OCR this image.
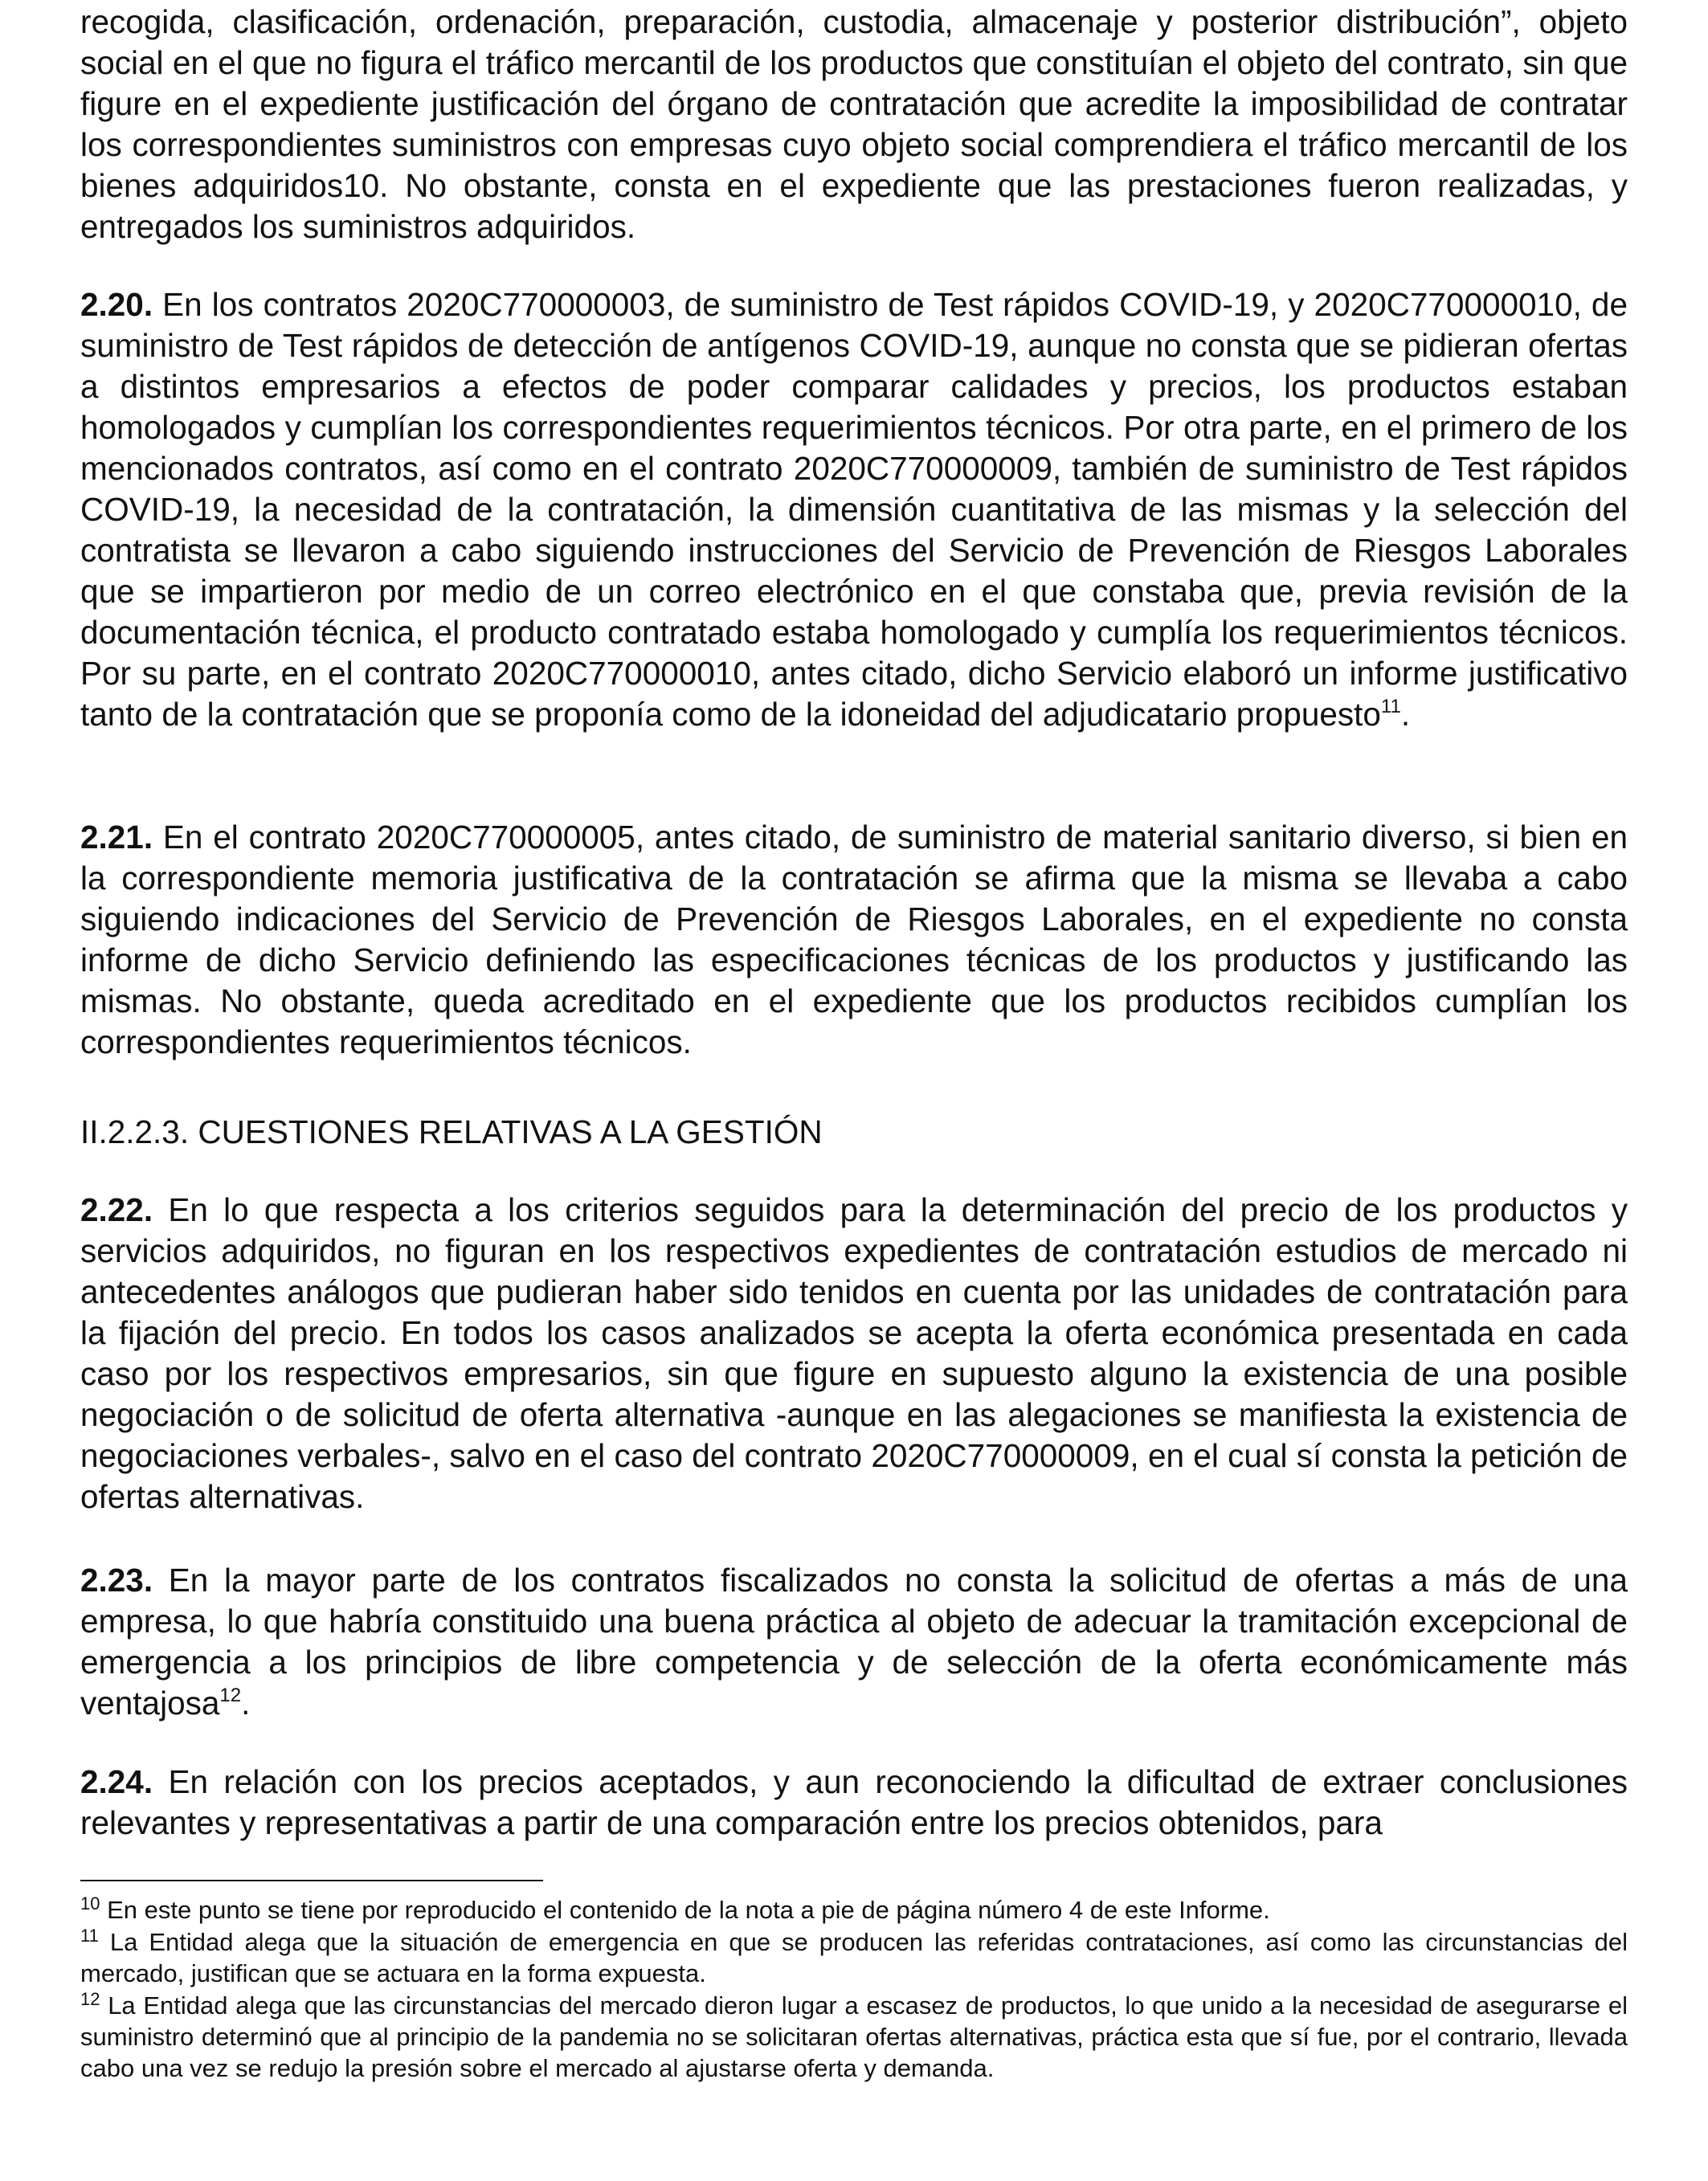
recogida, clasificación, ordenación, preparación, custodia, almacenaje y posterior distribución”, objeto social en el que no figura el tráfico mercantil de los productos que constituían el objeto del contrato, sin que figure en el expediente justificación del órgano de contratación que acredite la imposibilidad de contratar los correspondientes suministros con empresas cuyo objeto social comprendiera el tráfico mercantil de los bienes adquiridos10. No obstante, consta en el expediente que las prestaciones fueron realizadas, y entregados los suministros adquiridos.

2.20. En los contratos 2020C770000003, de suministro de Test rápidos COVID-19, y 2020C770000010, de suministro de Test rápidos de detección de antígenos COVID-19, aunque no consta que se pidieran ofertas a distintos empresarios a efectos de poder comparar calidades y precios, los productos estaban homologados y cumplían los correspondientes requerimientos técnicos. Por otra parte, en el primero de los mencionados contratos, así como en el contrato 2020C770000009, también de suministro de Test rápidos COVID-19, la necesidad de la contratación, la dimensión cuantitativa de las mismas y la selección del contratista se llevaron a cabo siguiendo instrucciones del Servicio de Prevención de Riesgos Laborales que se impartieron por medio de un correo electrónico en el que constaba que, previa revisión de la documentación técnica, el producto contratado estaba homologado y cumplía los requerimientos técnicos. Por su parte, en el contrato 2020C770000010, antes citado, dicho Servicio elaboró un informe justificativo tanto de la contratación que se proponía como de la idoneidad del adjudicatario propuesto$^{11}$.

2.21. En el contrato 2020C770000005, antes citado, de suministro de material sanitario diverso, si bien en la correspondiente memoria justificativa de la contratación se afirma que la misma se llevaba a cabo siguiendo indicaciones del Servicio de Prevención de Riesgos Laborales, en el expediente no consta informe de dicho Servicio definiendo las especificaciones técnicas de los productos y justificando las mismas. No obstante, queda acreditado en el expediente que los productos recibidos cumplían los correspondientes requerimientos técnicos.

II.2.2.3. CUESTIONES RELATIVAS A LA GESTIÓN

2.22. En lo que respecta a los criterios seguidos para la determinación del precio de los productos y servicios adquiridos, no figuran en los respectivos expedientes de contratación estudios de mercado ni antecedentes análogos que pudieran haber sido tenidos en cuenta por las unidades de contratación para la fijación del precio. En todos los casos analizados se acepta la oferta económica presentada en cada caso por los respectivos empresarios, sin que figure en supuesto alguno la existencia de una posible negociación o de solicitud de oferta alternativa -aunque en las alegaciones se manifiesta la existencia de negociaciones verbales-, salvo en el caso del contrato 2020C770000009, en el cual sí consta la petición de ofertas alternativas.

2.23. En la mayor parte de los contratos fiscalizados no consta la solicitud de ofertas a más de una empresa, lo que habría constituido una buena práctica al objeto de adecuar la tramitación excepcional de emergencia a los principios de libre competencia y de selección de la oferta económicamente más ventajosa$^{12}$.

2.24. En relación con los precios aceptados, y aun reconociendo la dificultad de extraer conclusiones relevantes y representativas a partir de una comparación entre los precios obtenidos, para

$^{10}$ En este punto se tiene por reproducido el contenido de la nota a pie de página número 4 de este Informe.

$^{11}$ La Entidad alega que la situación de emergencia en que se producen las referidas contrataciones, así como las circunstancias del mercado, justifican que se actuara en la forma expuesta.

$^{12}$ La Entidad alega que las circunstancias del mercado dieron lugar a escasez de productos, lo que unido a la necesidad de asegurarse el suministro determinó que al principio de la pandemia no se solicitaran ofertas alternativas, práctica esta que sí fue, por el contrario, llevada cabo una vez se redujo la presión sobre el mercado al ajustarse oferta y demanda.
